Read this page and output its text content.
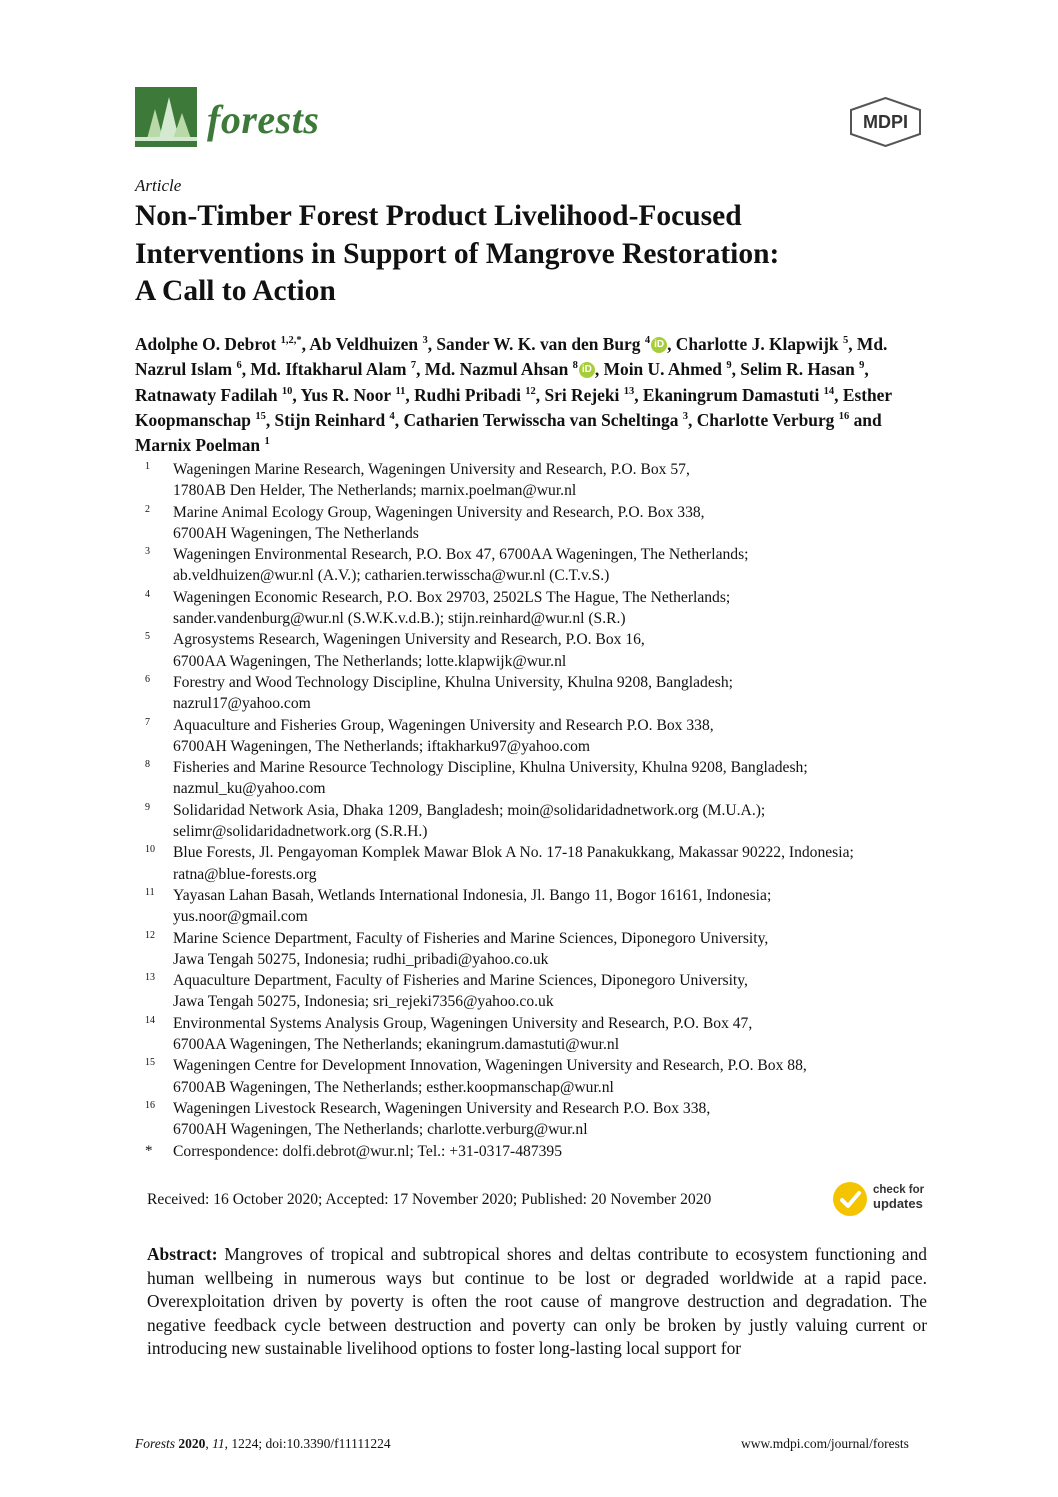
forests	MDPI
Article
Non-Timber Forest Product Livelihood-Focused
Interventions in Support of Mangrove Restoration:
A Call to Action
Adolphe O. Debrot $^{1,2,*}$, Ab Veldhuizen $^3$, Sander W. K. van den Burg $^4$ iD , Charlotte J. Klapwijk $^5$, Md. Nazrul Islam $^6$, Md. Iftakharul Alam $^7$, Md. Nazmul Ahsan $^8$ iD , Moin U. Ahmed $^9$, Selim R. Hasan $^9$, Ratnawaty Fadilah $^{10}$, Yus R. Noor $^{11}$, Rudhi Pribadi $^{12}$, Sri Rejeki $^{13}$, Ekaningrum Damastuti $^{14}$, Esther Koopmanschap $^{15}$, Stijn Reinhard $^4$, Catharien Terwisscha van Scheltinga $^3$, Charlotte Verburg $^{16}$ and Marnix Poelman $^1$
1	Wageningen Marine Research, Wageningen University and Research, P.O. Box 57,
1780AB Den Helder, The Netherlands; marnix.poelman@wur.nl
2	Marine Animal Ecology Group, Wageningen University and Research, P.O. Box 338,
6700AH Wageningen, The Netherlands
3	Wageningen Environmental Research, P.O. Box 47, 6700AA Wageningen, The Netherlands;
ab.veldhuizen@wur.nl (A.V.); catharien.terwisscha@wur.nl (C.T.v.S.)
4	Wageningen Economic Research, P.O. Box 29703, 2502LS The Hague, The Netherlands;
sander.vandenburg@wur.nl (S.W.K.v.d.B.); stijn.reinhard@wur.nl (S.R.)
5	Agrosystems Research, Wageningen University and Research, P.O. Box 16,
6700AA Wageningen, The Netherlands; lotte.klapwijk@wur.nl
6	Forestry and Wood Technology Discipline, Khulna University, Khulna 9208, Bangladesh;
nazrul17@yahoo.com
7	Aquaculture and Fisheries Group, Wageningen University and Research P.O. Box 338,
6700AH Wageningen, The Netherlands; iftakharku97@yahoo.com
8	Fisheries and Marine Resource Technology Discipline, Khulna University, Khulna 9208, Bangladesh;
nazmul_ku@yahoo.com
9	Solidaridad Network Asia, Dhaka 1209, Bangladesh; moin@solidaridadnetwork.org (M.U.A.);
selimr@solidaridadnetwork.org (S.R.H.)
10	Blue Forests, Jl. Pengayoman Komplek Mawar Blok A No. 17-18 Panakukkang, Makassar 90222, Indonesia;
ratna@blue-forests.org
11	Yayasan Lahan Basah, Wetlands International Indonesia, Jl. Bango 11, Bogor 16161, Indonesia;
yus.noor@gmail.com
12	Marine Science Department, Faculty of Fisheries and Marine Sciences, Diponegoro University,
Jawa Tengah 50275, Indonesia; rudhi_pribadi@yahoo.co.uk
13	Aquaculture Department, Faculty of Fisheries and Marine Sciences, Diponegoro University,
Jawa Tengah 50275, Indonesia; sri_rejeki7356@yahoo.co.uk
14	Environmental Systems Analysis Group, Wageningen University and Research, P.O. Box 47,
6700AA Wageningen, The Netherlands; ekaningrum.damastuti@wur.nl
15	Wageningen Centre for Development Innovation, Wageningen University and Research, P.O. Box 88,
6700AB Wageningen, The Netherlands; esther.koopmanschap@wur.nl
16	Wageningen Livestock Research, Wageningen University and Research P.O. Box 338,
6700AH Wageningen, The Netherlands; charlotte.verburg@wur.nl
*	Correspondence: dolfi.debrot@wur.nl; Tel.: +31-0317-487395
Received: 16 October 2020; Accepted: 17 November 2020; Published: 20 November 2020
check for
updates
Abstract: Mangroves of tropical and subtropical shores and deltas contribute to ecosystem functioning and human wellbeing in numerous ways but continue to be lost or degraded worldwide at a rapid pace. Overexploitation driven by poverty is often the root cause of mangrove destruction and degradation. The negative feedback cycle between destruction and poverty can only be broken by justly valuing current or introducing new sustainable livelihood options to foster long-lasting local support for
Forests 2020, 11, 1224; doi:10.3390/f11111224	www.mdpi.com/journal/forests
